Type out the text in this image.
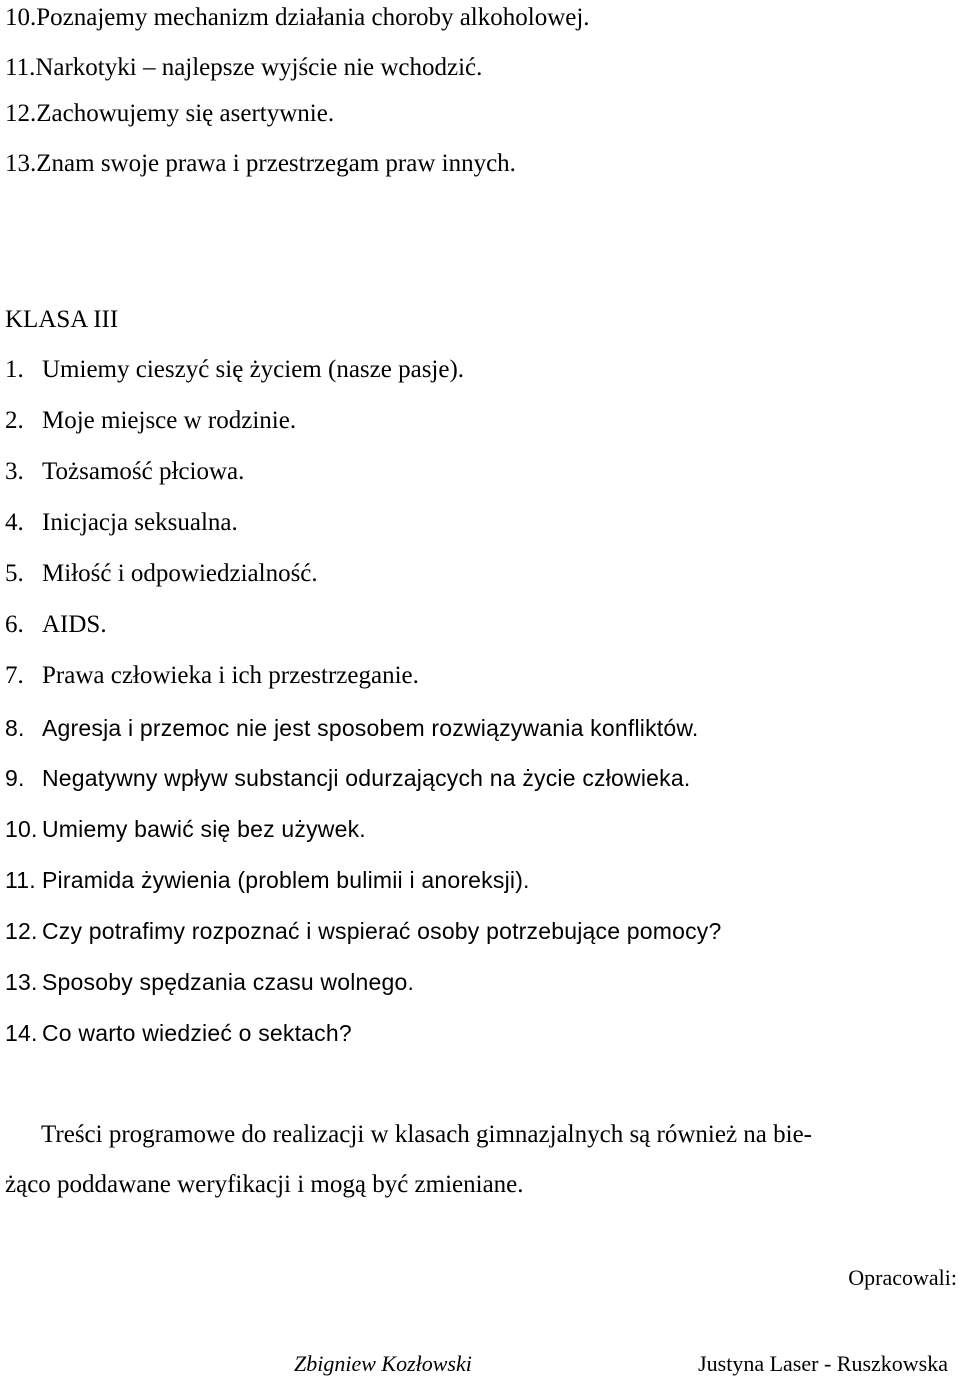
10.Poznajemy mechanizm działania choroby alkoholowej.
11.Narkotyki – najlepsze wyjście nie wchodzić.
12.Zachowujemy się asertywnie.
13.Znam swoje prawa i przestrzegam praw innych.
KLASA III
1. Umiemy cieszyć się życiem (nasze pasje).
2. Moje miejsce w rodzinie.
3. Tożsamość płciowa.
4. Inicjacja seksualna.
5. Miłość i odpowiedzialność.
6. AIDS.
7. Prawa człowieka i ich przestrzeganie.
8. Agresja i przemoc nie jest sposobem rozwiązywania konfliktów.
9. Negatywny wpływ substancji odurzających na życie człowieka.
10. Umiemy bawić się bez używek.
11. Piramida żywienia (problem bulimii i anoreksji).
12. Czy potrafimy rozpoznać i wspierać osoby potrzebujące pomocy?
13. Sposoby spędzania czasu wolnego.
14. Co warto wiedzieć o sektach?
Treści programowe do realizacji w klasach gimnazjalnych są również na bie-
żąco poddawane weryfikacji i mogą być zmieniane.
Opracowali:
Zbigniew Kozłowski	Justyna Laser - Ruszkowska
